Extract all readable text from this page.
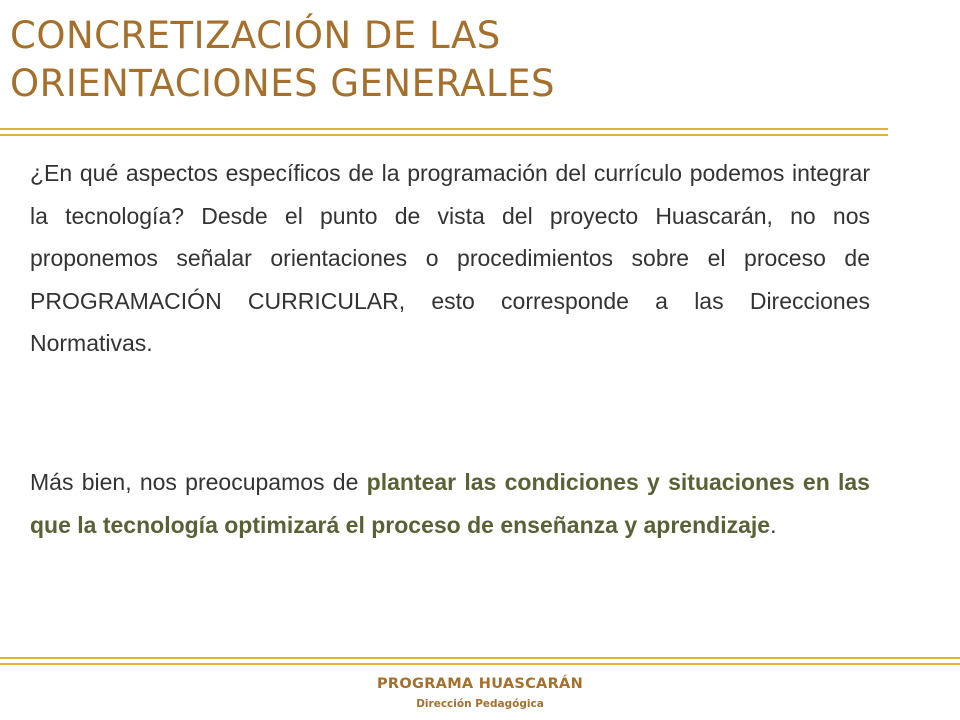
CONCRETIZACIÓN DE LAS
ORIENTACIONES GENERALES

¿En qué aspectos específicos de la programación del currículo podemos integrar la tecnología? Desde el punto de vista del proyecto Huascarán, no nos proponemos señalar orientaciones o procedimientos sobre el proceso de PROGRAMACIÓN CURRICULAR, esto corresponde a las Direcciones Normativas.

Más bien, nos preocupamos de plantear las condiciones y situaciones en las que la tecnología optimizará el proceso de enseñanza y aprendizaje.

PROGRAMA HUASCARÁN
Dirección Pedagógica
